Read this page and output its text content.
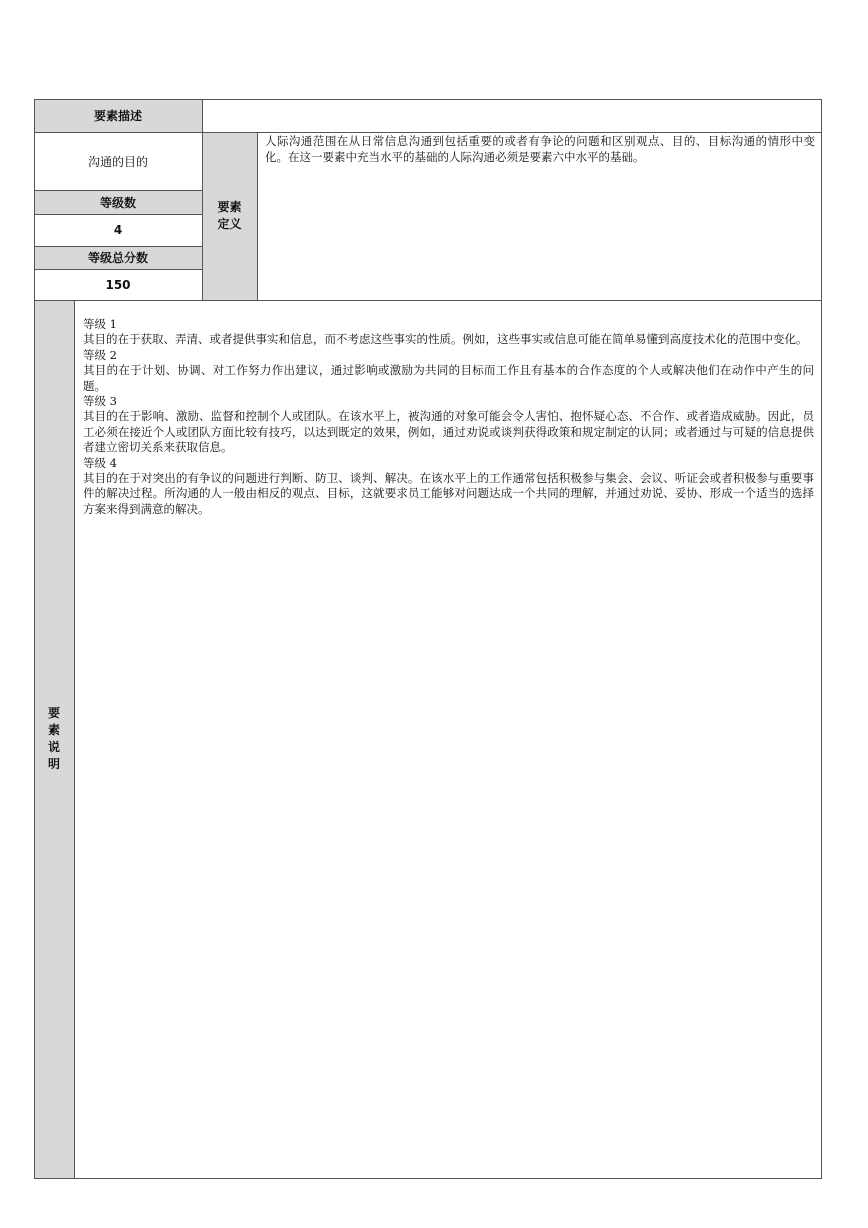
要素描述
沟通的目的
等级数
4
等级总分数
150
要素定义
人际沟通范围在从日常信息沟通到包括重要的或者有争论的问题和区别观点、目的、目标沟通的情形中变化。在这一要素中充当水平的基础的人际沟通必须是要素六中水平的基础。
要素说明
等级 1
其目的在于获取、弄清、或者提供事实和信息，而不考虑这些事实的性质。例如，这些事实或信息可能在简单易懂到高度技术化的范围中变化。
等级 2
其目的在于计划、协调、对工作努力作出建议，通过影响或激励为共同的目标而工作且有基本的合作态度的个人或解决他们在动作中产生的问题。
等级 3
其目的在于影响、激励、监督和控制个人或团队。在该水平上，被沟通的对象可能会令人害怕、抱怀疑心态、不合作、或者造成威胁。因此，员工必须在接近个人或团队方面比较有技巧，以达到既定的效果，例如，通过劝说或谈判获得政策和规定制定的认同；或者通过与可疑的信息提供者建立密切关系来获取信息。
等级 4
其目的在于对突出的有争议的问题进行判断、防卫、谈判、解决。在该水平上的工作通常包括积极参与集会、会议、听证会或者积极参与重要事件的解决过程。所沟通的人一般由相反的观点、目标，这就要求员工能够对问题达成一个共同的理解，并通过劝说、妥协、形成一个适当的选择方案来得到满意的解决。
